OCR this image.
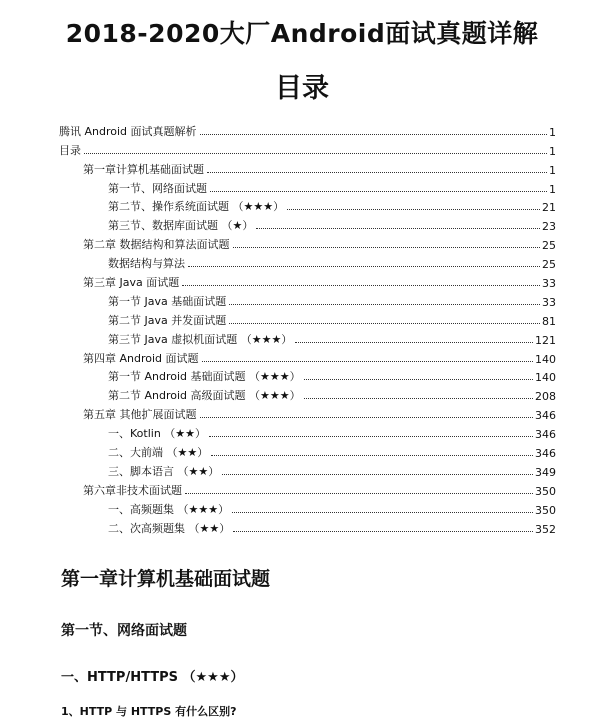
2018-2020大厂Android面试真题详解
目录
腾讯 Android 面试真题解析	1
目录	1
第一章计算机基础面试题	1
第一节、网络面试题	1
第二节、操作系统面试题 （★★★）	21
第三节、数据库面试题 （★）	23
第二章 数据结构和算法面试题	25
数据结构与算法	25
第三章 Java 面试题	33
第一节 Java 基础面试题	33
第二节 Java 并发面试题	81
第三节 Java 虚拟机面试题 （★★★）	121
第四章 Android 面试题	140
第一节 Android 基础面试题 （★★★）	140
第二节 Android 高级面试题 （★★★）	208
第五章 其他扩展面试题	346
一、Kotlin （★★）	346
二、大前端 （★★）	346
三、脚本语言 （★★）	349
第六章非技术面试题	350
一、高频题集 （★★★）	350
二、次高频题集 （★★）	352
第一章计算机基础面试题
第一节、网络面试题
一、HTTP/HTTPS （★★★）
1、HTTP 与 HTTPS 有什么区别?
